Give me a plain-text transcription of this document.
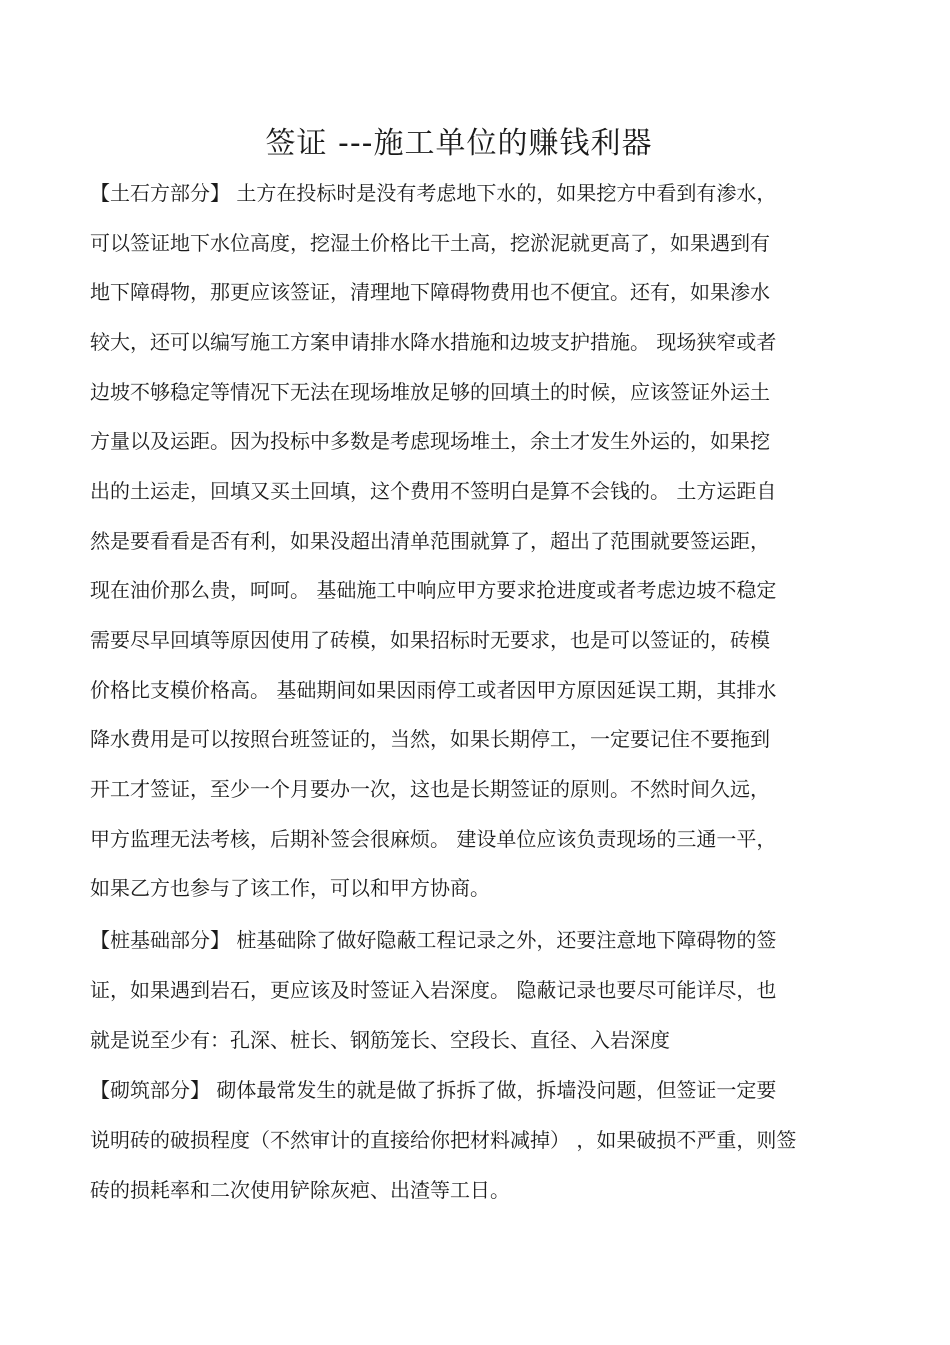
签证 ---施工单位的赚钱利器

【土石方部分】 土方在投标时是没有考虑地下水的，如果挖方中看到有渗水，

可以签证地下水位高度，挖湿土价格比干土高，挖淤泥就更高了，如果遇到有

地下障碍物，那更应该签证，清理地下障碍物费用也不便宜。还有，如果渗水

较大，还可以编写施工方案申请排水降水措施和边坡支护措施。 现场狭窄或者

边坡不够稳定等情况下无法在现场堆放足够的回填土的时候，应该签证外运土

方量以及运距。因为投标中多数是考虑现场堆土，余土才发生外运的，如果挖

出的土运走，回填又买土回填，这个费用不签明白是算不会钱的。 土方运距自

然是要看看是否有利，如果没超出清单范围就算了，超出了范围就要签运距，

现在油价那么贵，呵呵。 基础施工中响应甲方要求抢进度或者考虑边坡不稳定

需要尽早回填等原因使用了砖模，如果招标时无要求，也是可以签证的，砖模

价格比支模价格高。 基础期间如果因雨停工或者因甲方原因延误工期，其排水

降水费用是可以按照台班签证的，当然，如果长期停工，一定要记住不要拖到

开工才签证，至少一个月要办一次，这也是长期签证的原则。不然时间久远，

甲方监理无法考核，后期补签会很麻烦。 建设单位应该负责现场的三通一平，

如果乙方也参与了该工作，可以和甲方协商。

【桩基础部分】 桩基础除了做好隐蔽工程记录之外，还要注意地下障碍物的签

证，如果遇到岩石，更应该及时签证入岩深度。 隐蔽记录也要尽可能详尽，也

就是说至少有：孔深、桩长、钢筋笼长、空段长、直径、入岩深度

【砌筑部分】 砌体最常发生的就是做了拆拆了做，拆墙没问题，但签证一定要

说明砖的破损程度（不然审计的直接给你把材料减掉） ，如果破损不严重，则签

砖的损耗率和二次使用铲除灰疤、出渣等工日。
